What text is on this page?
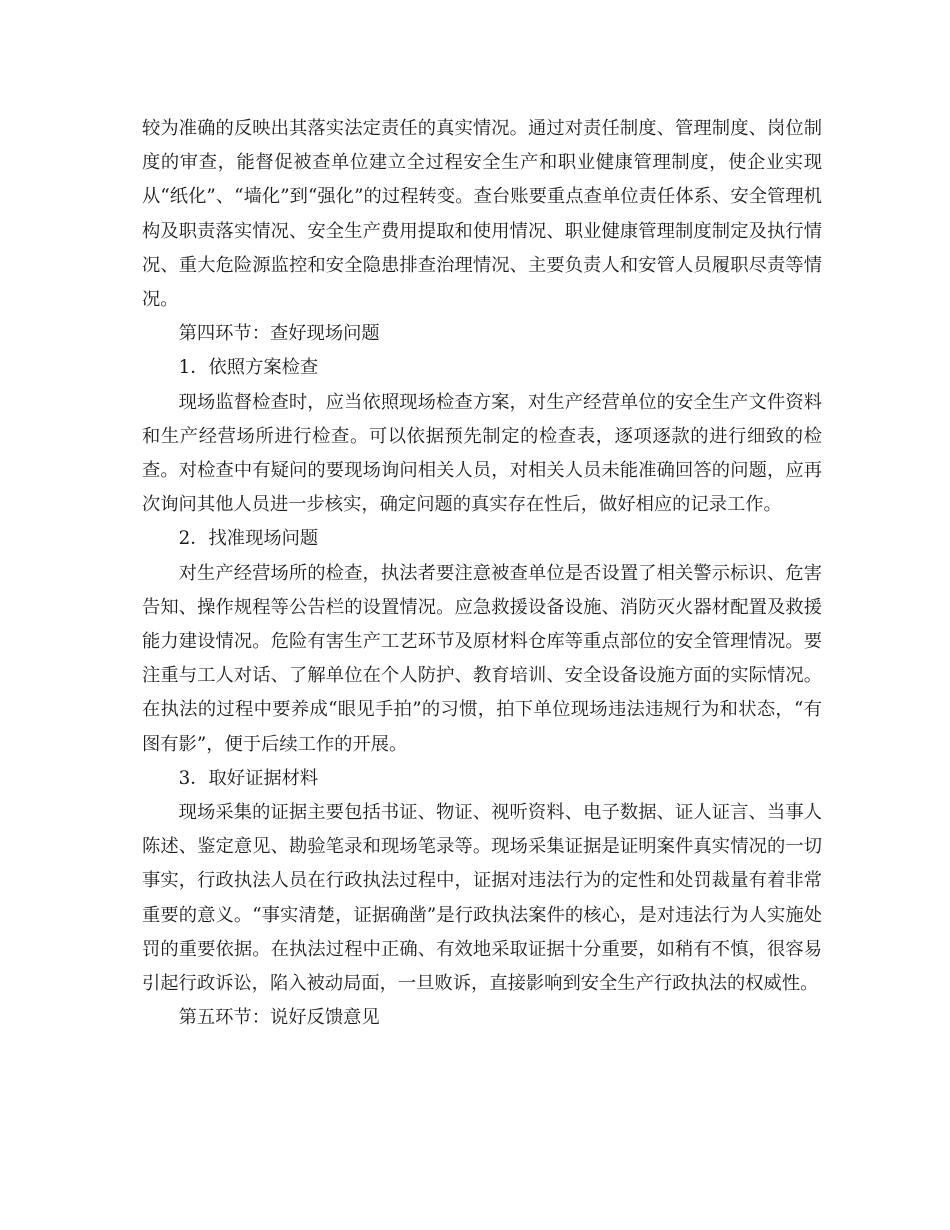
较为准确的反映出其落实法定责任的真实情况。通过对责任制度、管理制度、岗位制度的审查，能督促被查单位建立全过程安全生产和职业健康管理制度，使企业实现从“纸化”、“墙化”到“强化”的过程转变。查台账要重点查单位责任体系、安全管理机构及职责落实情况、安全生产费用提取和使用情况、职业健康管理制度制定及执行情况、重大危险源监控和安全隐患排查治理情况、主要负责人和安管人员履职尽责等情况。

第四环节：查好现场问题

1．依照方案检查

现场监督检查时，应当依照现场检查方案，对生产经营单位的安全生产文件资料和生产经营场所进行检查。可以依据预先制定的检查表，逐项逐款的进行细致的检查。对检查中有疑问的要现场询问相关人员，对相关人员未能准确回答的问题，应再次询问其他人员进一步核实，确定问题的真实存在性后，做好相应的记录工作。

2．找准现场问题

对生产经营场所的检查，执法者要注意被查单位是否设置了相关警示标识、危害告知、操作规程等公告栏的设置情况。应急救援设备设施、消防灭火器材配置及救援能力建设情况。危险有害生产工艺环节及原材料仓库等重点部位的安全管理情况。要注重与工人对话、了解单位在个人防护、教育培训、安全设备设施方面的实际情况。在执法的过程中要养成“眼见手拍”的习惯，拍下单位现场违法违规行为和状态，“有图有影”，便于后续工作的开展。

3．取好证据材料

现场采集的证据主要包括书证、物证、视听资料、电子数据、证人证言、当事人陈述、鉴定意见、勘验笔录和现场笔录等。现场采集证据是证明案件真实情况的一切事实，行政执法人员在行政执法过程中，证据对违法行为的定性和处罚裁量有着非常重要的意义。“事实清楚，证据确凿”是行政执法案件的核心，是对违法行为人实施处罚的重要依据。在执法过程中正确、有效地采取证据十分重要，如稍有不慎，很容易引起行政诉讼，陷入被动局面，一旦败诉，直接影响到安全生产行政执法的权威性。

第五环节：说好反馈意见
